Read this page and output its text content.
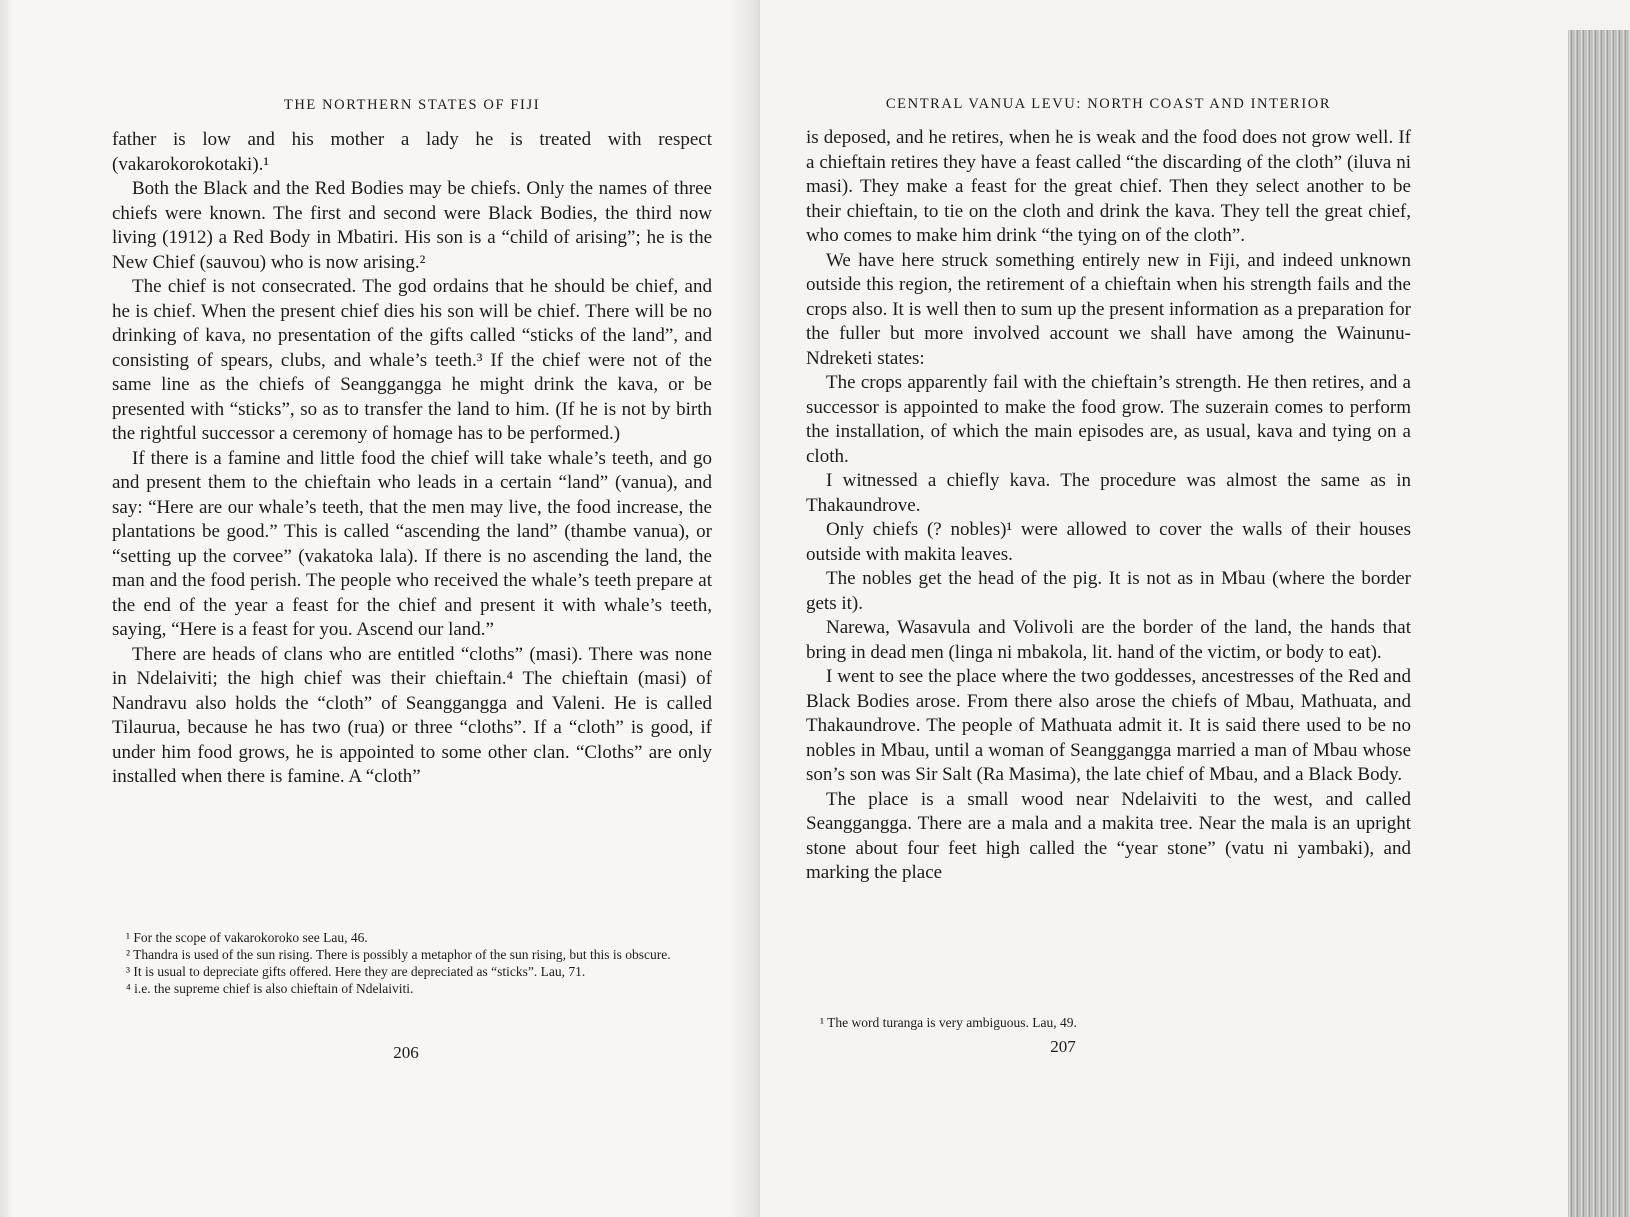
THE NORTHERN STATES OF FIJI

father is low and his mother a lady he is treated with respect (vakarokorokotaki).¹

Both the Black and the Red Bodies may be chiefs. Only the names of three chiefs were known. The first and second were Black Bodies, the third now living (1912) a Red Body in Mbatiri. His son is a “child of arising”; he is the New Chief (sauvou) who is now arising.²

The chief is not consecrated. The god ordains that he should be chief, and he is chief. When the present chief dies his son will be chief. There will be no drinking of kava, no presentation of the gifts called “sticks of the land”, and consisting of spears, clubs, and whale’s teeth.³ If the chief were not of the same line as the chiefs of Seanggangga he might drink the kava, or be presented with “sticks”, so as to transfer the land to him. (If he is not by birth the rightful successor a ceremony of homage has to be performed.)

If there is a famine and little food the chief will take whale’s teeth, and go and present them to the chieftain who leads in a certain “land” (vanua), and say: “Here are our whale’s teeth, that the men may live, the food increase, the plantations be good.” This is called “ascending the land” (thambe vanua), or “setting up the corvee” (vakatoka lala). If there is no ascending the land, the man and the food perish. The people who received the whale’s teeth prepare at the end of the year a feast for the chief and present it with whale’s teeth, saying, “Here is a feast for you. Ascend our land.”

There are heads of clans who are entitled “cloths” (masi). There was none in Ndelaiviti; the high chief was their chieftain.⁴ The chieftain (masi) of Nandravu also holds the “cloth” of Seanggangga and Valeni. He is called Tilaurua, because he has two (rua) or three “cloths”. If a “cloth” is good, if under him food grows, he is appointed to some other clan. “Cloths” are only installed when there is famine. A “cloth”

¹ For the scope of vakarokoroko see Lau, 46.

² Thandra is used of the sun rising. There is possibly a metaphor of the sun rising, but this is obscure.

³ It is usual to depreciate gifts offered. Here they are depreciated as “sticks”. Lau, 71.

⁴ i.e. the supreme chief is also chieftain of Ndelaiviti.

206
CENTRAL VANUA LEVU: NORTH COAST AND INTERIOR

is deposed, and he retires, when he is weak and the food does not grow well. If a chieftain retires they have a feast called “the discarding of the cloth” (iluva ni masi). They make a feast for the great chief. Then they select another to be their chieftain, to tie on the cloth and drink the kava. They tell the great chief, who comes to make him drink “the tying on of the cloth”.

We have here struck something entirely new in Fiji, and indeed unknown outside this region, the retirement of a chieftain when his strength fails and the crops also. It is well then to sum up the present information as a preparation for the fuller but more involved account we shall have among the Wainunu-Ndreketi states:

The crops apparently fail with the chieftain’s strength. He then retires, and a successor is appointed to make the food grow. The suzerain comes to perform the installation, of which the main episodes are, as usual, kava and tying on a cloth.

I witnessed a chiefly kava. The procedure was almost the same as in Thakaundrove.

Only chiefs (? nobles)¹ were allowed to cover the walls of their houses outside with makita leaves.

The nobles get the head of the pig. It is not as in Mbau (where the border gets it).

Narewa, Wasavula and Volivoli are the border of the land, the hands that bring in dead men (linga ni mbakola, lit. hand of the victim, or body to eat).

I went to see the place where the two goddesses, ancestresses of the Red and Black Bodies arose. From there also arose the chiefs of Mbau, Mathuata, and Thakaundrove. The people of Mathuata admit it. It is said there used to be no nobles in Mbau, until a woman of Seanggangga married a man of Mbau whose son’s son was Sir Salt (Ra Masima), the late chief of Mbau, and a Black Body.

The place is a small wood near Ndelaiviti to the west, and called Seanggangga. There are a mala and a makita tree. Near the mala is an upright stone about four feet high called the “year stone” (vatu ni yambaki), and marking the place

¹ The word turanga is very ambiguous. Lau, 49.

207
